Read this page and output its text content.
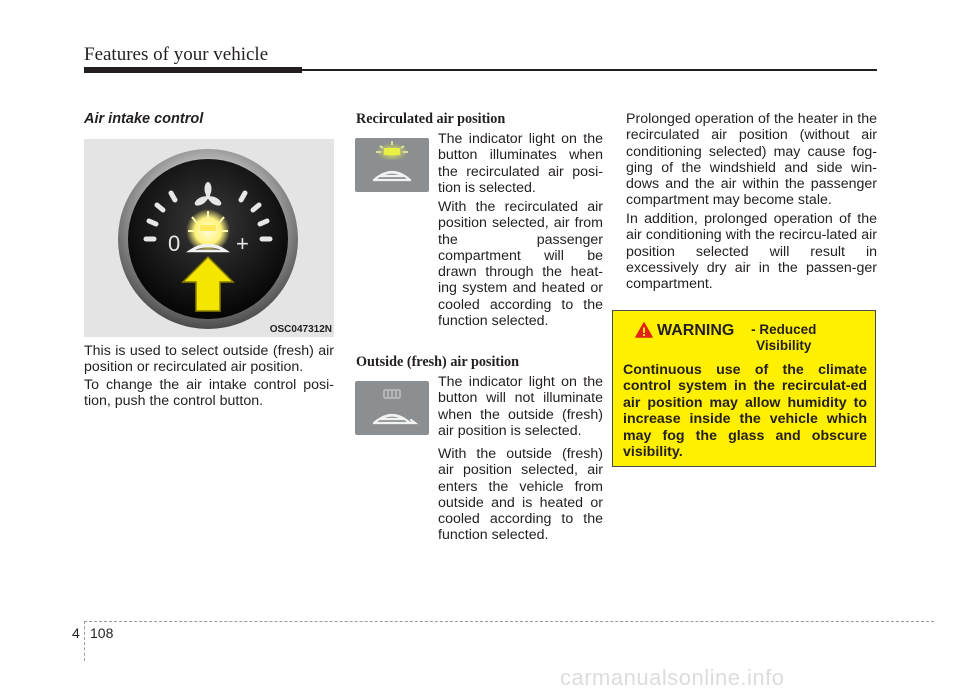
Features of your vehicle
Air intake control
0	+
OSC047312N

This is used to select outside (fresh) air position or recirculated air position.

To change the air intake control posi-tion, push the control button.

Recirculated air position

The indicator light on the button illuminates when the recirculated air posi-tion is selected.

With the recirculated air position selected, air from the passenger compartment will be drawn through the heat-ing system and heated or cooled according to the function selected.

Outside (fresh) air position

The indicator light on the button will not illuminate when the outside (fresh) air position is selected.

With the outside (fresh) air position selected, air enters the vehicle from outside and is heated or cooled according to the function selected.

Prolonged operation of the heater in the recirculated air position (without air conditioning selected) may cause fog-ging of the windshield and side win-dows and the air within the passenger compartment may become stale.

In addition, prolonged operation of the air conditioning with the recircu-lated air position selected will result in excessively dry air in the passen-ger compartment.

WARNING - Reduced Visibility

Continuous use of the climate control system in the recirculat-ed air position may allow humidity to increase inside the vehicle which may fog the glass and obscure visibility.

4 108
carmanualsonline.info
